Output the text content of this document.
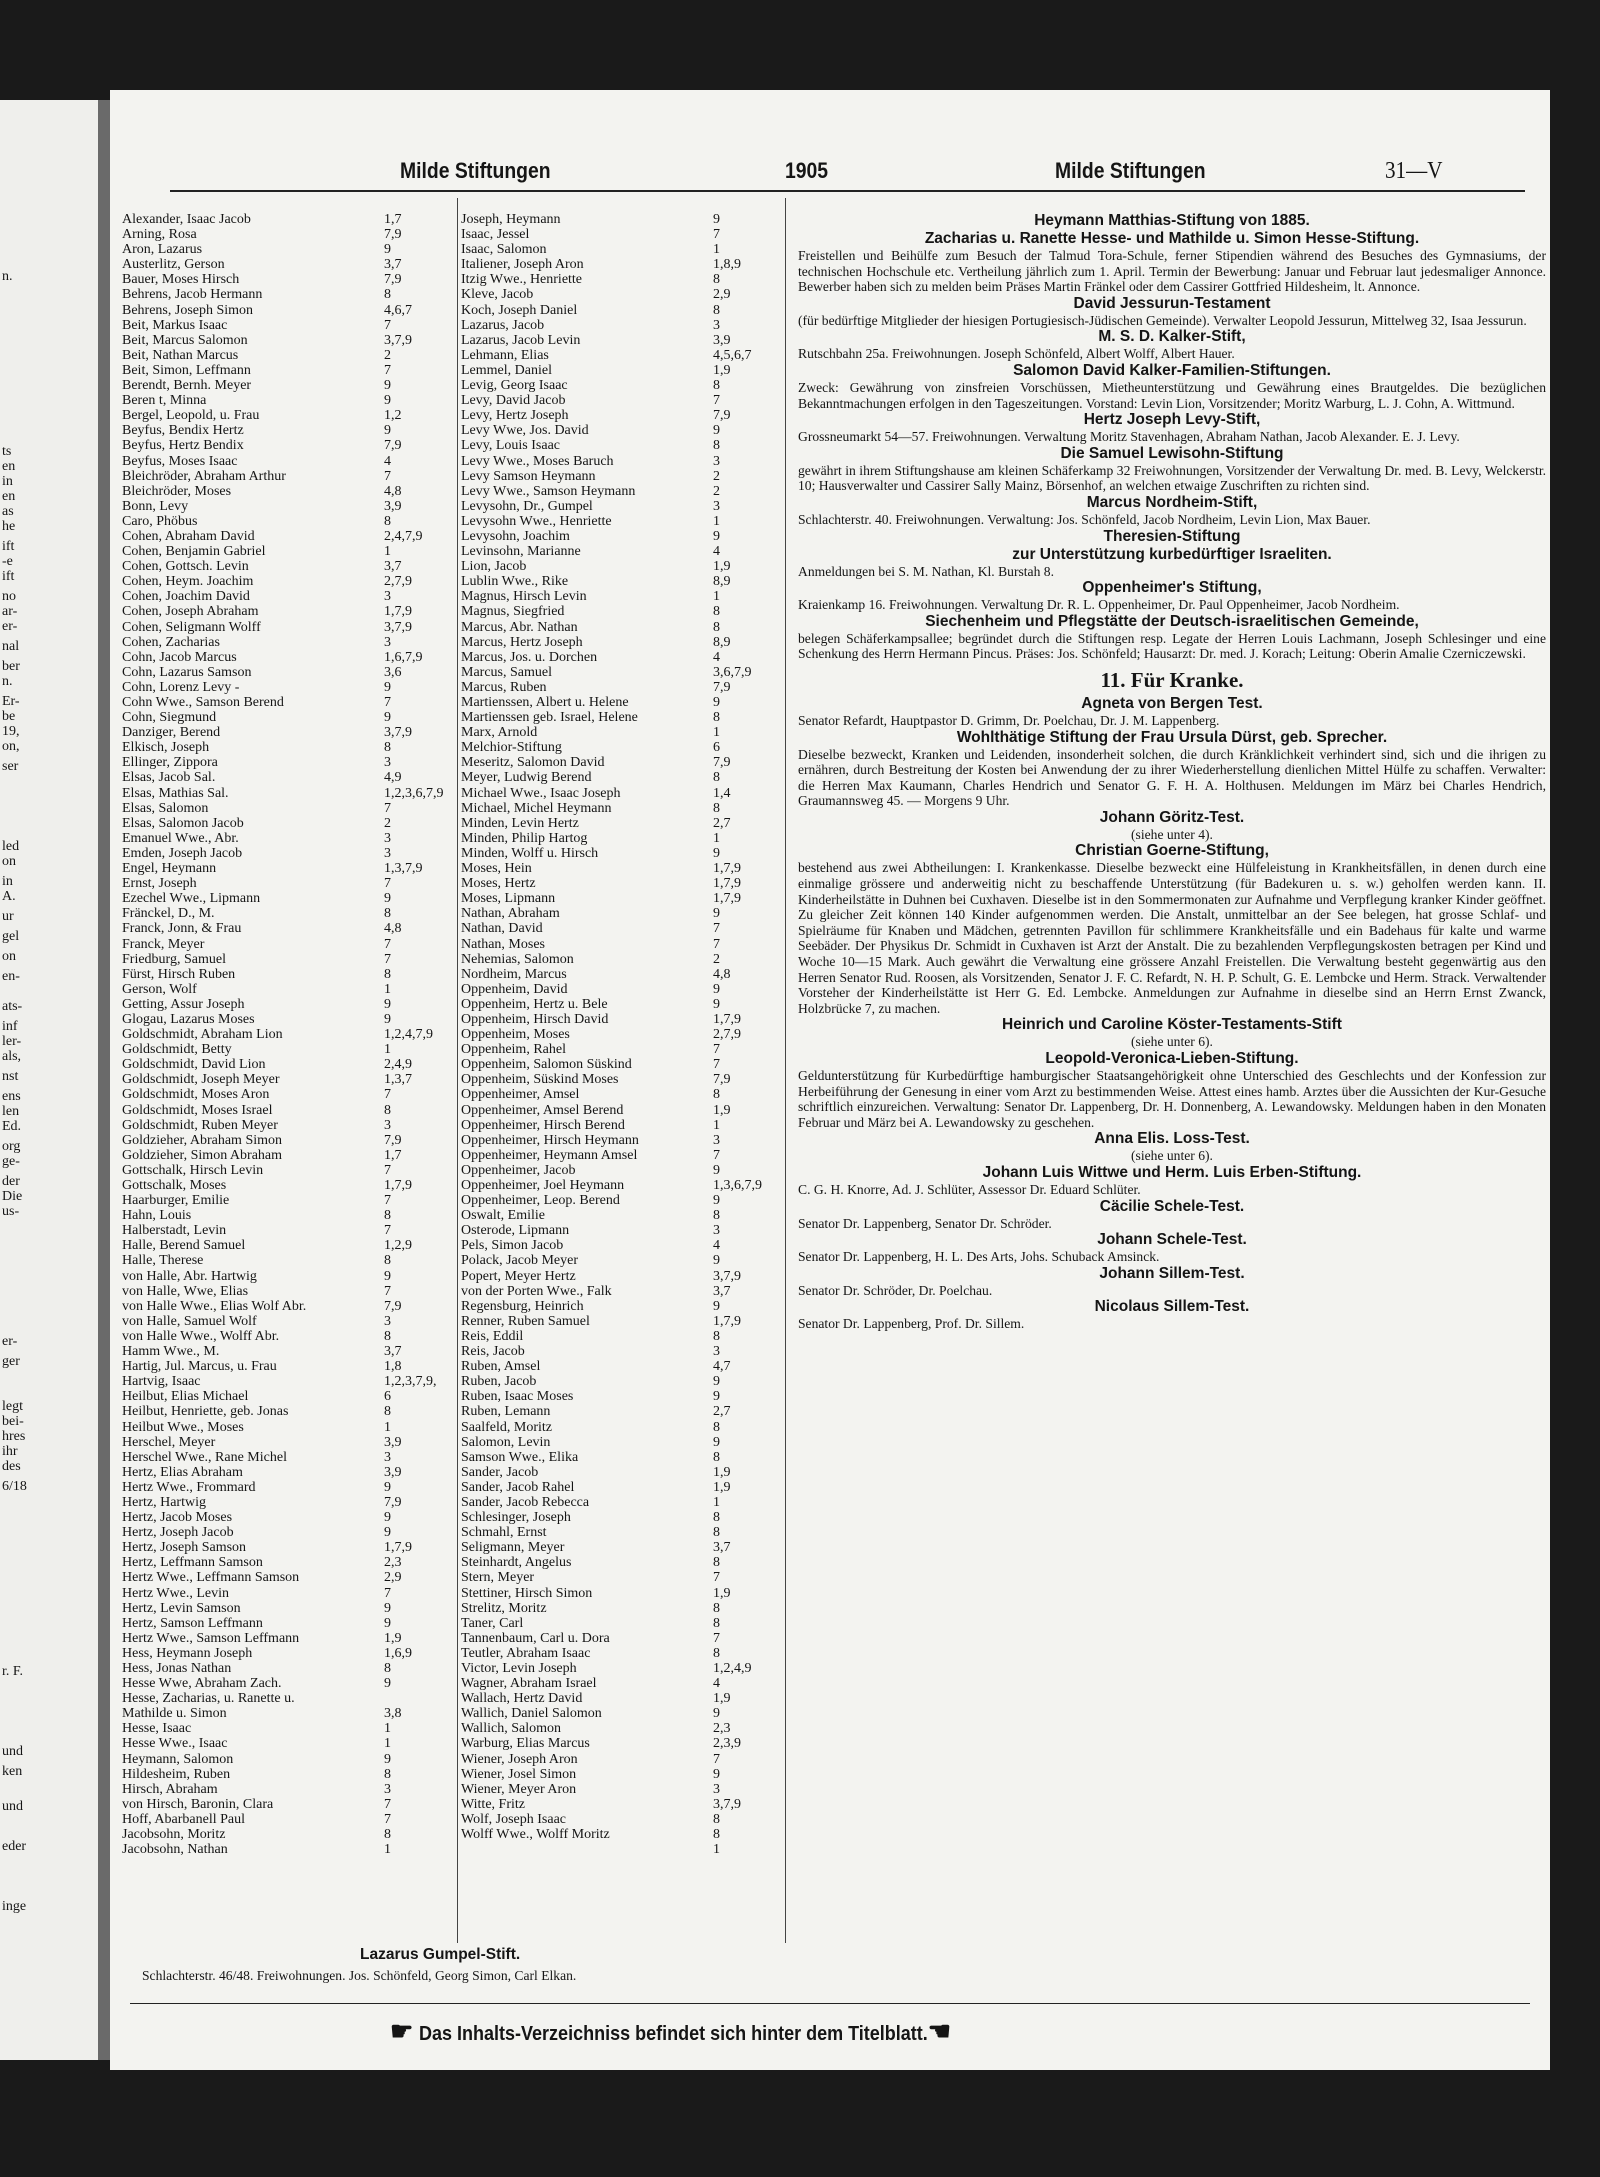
n.
ts
en
in
en
as
he
ift
-e
ift
no
ar-
er-
nal
ber
n.
Er-
be
19,
on,
ser
led
on
in
A.
ur
gel
on
en-
ats-
inf
ler-
als,
nst
ens
len
Ed.
org
ge-
der
Die
us-
er-
ger
legt
bei-
hres
ihr
des
6/18
r. F.
und
ken
und
eder
inge
Milde Stiftungen	1905	Milde Stiftungen	31—V
Alexander, Isaac Jacob	1,7
Arning, Rosa	7,9
Aron, Lazarus	9
Austerlitz, Gerson	3,7
Bauer, Moses Hirsch	7,9
Behrens, Jacob Hermann	8
Behrens, Joseph Simon	4,6,7
Beit, Markus Isaac	7
Beit, Marcus Salomon	3,7,9
Beit, Nathan Marcus	2
Beit, Simon, Leffmann	7
Berendt, Bernh. Meyer	9
Beren t, Minna	9
Bergel, Leopold, u. Frau	1,2
Beyfus, Bendix Hertz	9
Beyfus, Hertz Bendix	7,9
Beyfus, Moses Isaac	4
Bleichröder, Abraham Arthur	7
Bleichröder, Moses	4,8
Bonn, Levy	3,9
Caro, Phöbus	8
Cohen, Abraham David	2,4,7,9
Cohen, Benjamin Gabriel	1
Cohen, Gottsch. Levin	3,7
Cohen, Heym. Joachim	2,7,9
Cohen, Joachim David	3
Cohen, Joseph Abraham	1,7,9
Cohen, Seligmann Wolff	3,7,9
Cohen, Zacharias	3
Cohn, Jacob Marcus	1,6,7,9
Cohn, Lazarus Samson	3,6
Cohn, Lorenz Levy -	9
Cohn Wwe., Samson Berend	7
Cohn, Siegmund	9
Danziger, Berend	3,7,9
Elkisch, Joseph	8
Ellinger, Zippora	3
Elsas, Jacob Sal.	4,9
Elsas, Mathias Sal.	1,2,3,6,7,9
Elsas, Salomon	7
Elsas, Salomon Jacob	2
Emanuel Wwe., Abr.	3
Emden, Joseph Jacob	3
Engel, Heymann	1,3,7,9
Ernst, Joseph	7
Ezechel Wwe., Lipmann	9
Fränckel, D., M.	8
Franck, Jonn, & Frau	4,8
Franck, Meyer	7
Friedburg, Samuel	7
Fürst, Hirsch Ruben	8
Gerson, Wolf	1
Getting, Assur Joseph	9
Glogau, Lazarus Moses	9
Goldschmidt, Abraham Lion	1,2,4,7,9
Goldschmidt, Betty	1
Goldschmidt, David Lion	2,4,9
Goldschmidt, Joseph Meyer	1,3,7
Goldschmidt, Moses Aron	7
Goldschmidt, Moses Israel	8
Goldschmidt, Ruben Meyer	3
Goldzieher, Abraham Simon	7,9
Goldzieher, Simon Abraham	1,7
Gottschalk, Hirsch Levin	7
Gottschalk, Moses	1,7,9
Haarburger, Emilie	7
Hahn, Louis	8
Halberstadt, Levin	7
Halle, Berend Samuel	1,2,9
Halle, Therese	8
von Halle, Abr. Hartwig	9
von Halle, Wwe, Elias	7
von Halle Wwe., Elias Wolf Abr.	7,9
von Halle, Samuel Wolf	3
von Halle Wwe., Wolff Abr.	8
Hamm Wwe., M.	3,7
Hartig, Jul. Marcus, u. Frau	1,8
Hartvig, Isaac	1,2,3,7,9,
Heilbut, Elias Michael	6
Heilbut, Henriette, geb. Jonas	8
Heilbut Wwe., Moses	1
Herschel, Meyer	3,9
Herschel Wwe., Rane Michel	3
Hertz, Elias Abraham	3,9
Hertz Wwe., Frommard	9
Hertz, Hartwig	7,9
Hertz, Jacob Moses	9
Hertz, Joseph Jacob	9
Hertz, Joseph Samson	1,7,9
Hertz, Leffmann Samson	2,3
Hertz Wwe., Leffmann Samson	2,9
Hertz Wwe., Levin	7
Hertz, Levin Samson	9
Hertz, Samson Leffmann	9
Hertz Wwe., Samson Leffmann	1,9
Hess, Heymann Joseph	1,6,9
Hess, Jonas Nathan	8
Hesse Wwe, Abraham Zach.	9
Hesse, Zacharias, u. Ranette u.
Mathilde u. Simon	3,8
Hesse, Isaac	1
Hesse Wwe., Isaac	1
Heymann, Salomon	9
Hildesheim, Ruben	8
Hirsch, Abraham	3
von Hirsch, Baronin, Clara	7
Hoff, Abarbanell Paul	7
Jacobsohn, Moritz	8
Jacobsohn, Nathan	1
Joseph, Heymann	9
Isaac, Jessel	7
Isaac, Salomon	1
Italiener, Joseph Aron	1,8,9
Itzig Wwe., Henriette	8
Kleve, Jacob	2,9
Koch, Joseph Daniel	8
Lazarus, Jacob	3
Lazarus, Jacob Levin	3,9
Lehmann, Elias	4,5,6,7
Lemmel, Daniel	1,9
Levig, Georg Isaac	8
Levy, David Jacob	7
Levy, Hertz Joseph	7,9
Levy Wwe, Jos. David	9
Levy, Louis Isaac	8
Levy Wwe., Moses Baruch	3
Levy Samson Heymann	2
Levy Wwe., Samson Heymann	2
Levysohn, Dr., Gumpel	3
Levysohn Wwe., Henriette	1
Levysohn, Joachim	9
Levinsohn, Marianne	4
Lion, Jacob	1,9
Lublin Wwe., Rike	8,9
Magnus, Hirsch Levin	1
Magnus, Siegfried	8
Marcus, Abr. Nathan	8
Marcus, Hertz Joseph	8,9
Marcus, Jos. u. Dorchen	4
Marcus, Samuel	3,6,7,9
Marcus, Ruben	7,9
Martienssen, Albert u. Helene	9
Martienssen geb. Israel, Helene	8
Marx, Arnold	1
Melchior-Stiftung	6
Meseritz, Salomon David	7,9
Meyer, Ludwig Berend	8
Michael Wwe., Isaac Joseph	1,4
Michael, Michel Heymann	8
Minden, Levin Hertz	2,7
Minden, Philip Hartog	1
Minden, Wolff u. Hirsch	9
Moses, Hein	1,7,9
Moses, Hertz	1,7,9
Moses, Lipmann	1,7,9
Nathan, Abraham	9
Nathan, David	7
Nathan, Moses	7
Nehemias, Salomon	2
Nordheim, Marcus	4,8
Oppenheim, David	9
Oppenheim, Hertz u. Bele	9
Oppenheim, Hirsch David	1,7,9
Oppenheim, Moses	2,7,9
Oppenheim, Rahel	7
Oppenheim, Salomon Süskind	7
Oppenheim, Süskind Moses	7,9
Oppenheimer, Amsel	8
Oppenheimer, Amsel Berend	1,9
Oppenheimer, Hirsch Berend	1
Oppenheimer, Hirsch Heymann	3
Oppenheimer, Heymann Amsel	7
Oppenheimer, Jacob	9
Oppenheimer, Joel Heymann	1,3,6,7,9
Oppenheimer, Leop. Berend	9
Oswalt, Emilie	8
Osterode, Lipmann	3
Pels, Simon Jacob	4
Polack, Jacob Meyer	9
Popert, Meyer Hertz	3,7,9
von der Porten Wwe., Falk	3,7
Regensburg, Heinrich	9
Renner, Ruben Samuel	1,7,9
Reis, Eddil	8
Reis, Jacob	3
Ruben, Amsel	4,7
Ruben, Jacob	9
Ruben, Isaac Moses	9
Ruben, Lemann	2,7
Saalfeld, Moritz	8
Salomon, Levin	9
Samson Wwe., Elika	8
Sander, Jacob	1,9
Sander, Jacob Rahel	1,9
Sander, Jacob Rebecca	1
Schlesinger, Joseph	8
Schmahl, Ernst	8
Seligmann, Meyer	3,7
Steinhardt, Angelus	8
Stern, Meyer	7
Stettiner, Hirsch Simon	1,9
Strelitz, Moritz	8
Taner, Carl	8
Tannenbaum, Carl u. Dora	7
Teutler, Abraham Isaac	8
Victor, Levin Joseph	1,2,4,9
Wagner, Abraham Israel	4
Wallach, Hertz David	1,9
Wallich, Daniel Salomon	9
Wallich, Salomon	2,3
Warburg, Elias Marcus	2,3,9
Wiener, Joseph Aron	7
Wiener, Josel Simon	9
Wiener, Meyer Aron	3
Witte, Fritz	3,7,9
Wolf, Joseph Isaac	8
Wolff Wwe., Wolff Moritz	8
1
Heymann Matthias-Stiftung von 1885.
Zacharias u. Ranette Hesse- und Mathilde u. Simon Hesse-Stiftung.
Freistellen und Beihülfe zum Besuch der Talmud Tora-Schule, ferner Stipendien während des Besuches des Gymnasiums, der technischen Hochschule etc. Vertheilung jährlich zum 1. April. Termin der Bewerbung: Januar und Februar laut jedesmaliger Annonce. Bewerber haben sich zu melden beim Präses Martin Fränkel oder dem Cassirer Gottfried Hildesheim, lt. Annonce.
David Jessurun-Testament
(für bedürftige Mitglieder der hiesigen Portugiesisch-Jüdischen Gemeinde). Verwalter Leopold Jessurun, Mittelweg 32, Isaa Jessurun.
M. S. D. Kalker-Stift,
Rutschbahn 25a. Freiwohnungen. Joseph Schönfeld, Albert Wolff, Albert Hauer.
Salomon David Kalker-Familien-Stiftungen.
Zweck: Gewährung von zinsfreien Vorschüssen, Mietheunterstützung und Gewährung eines Brautgeldes. Die bezüglichen Bekanntmachungen erfolgen in den Tageszeitungen. Vorstand: Levin Lion, Vorsitzender; Moritz Warburg, L. J. Cohn, A. Wittmund.
Hertz Joseph Levy-Stift,
Grossneumarkt 54—57. Freiwohnungen. Verwaltung Moritz Stavenhagen, Abraham Nathan, Jacob Alexander. E. J. Levy.
Die Samuel Lewisohn-Stiftung
gewährt in ihrem Stiftungshause am kleinen Schäferkamp 32 Freiwohnungen, Vorsitzender der Verwaltung Dr. med. B. Levy, Welckerstr. 10; Hausverwalter und Cassirer Sally Mainz, Börsenhof, an welchen etwaige Zuschriften zu richten sind.
Marcus Nordheim-Stift,
Schlachterstr. 40. Freiwohnungen. Verwaltung: Jos. Schönfeld, Jacob Nordheim, Levin Lion, Max Bauer.
Theresien-Stiftung
zur Unterstützung kurbedürftiger Israeliten.
Anmeldungen bei S. M. Nathan, Kl. Burstah 8.
Oppenheimer's Stiftung,
Kraienkamp 16. Freiwohnungen. Verwaltung Dr. R. L. Oppenheimer, Dr. Paul Oppenheimer, Jacob Nordheim.
Siechenheim und Pflegstätte der Deutsch-israelitischen Gemeinde,
belegen Schäferkampsallee; begründet durch die Stiftungen resp. Legate der Herren Louis Lachmann, Joseph Schlesinger und eine Schenkung des Herrn Hermann Pincus. Präses: Jos. Schönfeld; Hausarzt: Dr. med. J. Korach; Leitung: Oberin Amalie Czerniczewski.
11. Für Kranke.
Agneta von Bergen Test.
Senator Refardt, Hauptpastor D. Grimm, Dr. Poelchau, Dr. J. M. Lappenberg.
Wohlthätige Stiftung der Frau Ursula Dürst, geb. Sprecher.
Dieselbe bezweckt, Kranken und Leidenden, insonderheit solchen, die durch Kränklichkeit verhindert sind, sich und die ihrigen zu ernähren, durch Bestreitung der Kosten bei Anwendung der zu ihrer Wiederherstellung dienlichen Mittel Hülfe zu schaffen. Verwalter: die Herren Max Kaumann, Charles Hendrich und Senator G. F. H. A. Holthusen. Meldungen im März bei Charles Hendrich, Graumannsweg 45. — Morgens 9 Uhr.
Johann Göritz-Test.
(siehe unter 4).
Christian Goerne-Stiftung,
bestehend aus zwei Abtheilungen: I. Krankenkasse. Dieselbe bezweckt eine Hülfeleistung in Krankheitsfällen, in denen durch eine einmalige grössere und anderweitig nicht zu beschaffende Unterstützung (für Badekuren u. s. w.) geholfen werden kann. II. Kinderheilstätte in Duhnen bei Cuxhaven. Dieselbe ist in den Sommermonaten zur Aufnahme und Verpflegung kranker Kinder geöffnet. Zu gleicher Zeit können 140 Kinder aufgenommen werden. Die Anstalt, unmittelbar an der See belegen, hat grosse Schlaf- und Spielräume für Knaben und Mädchen, getrennten Pavillon für schlimmere Krankheitsfälle und ein Badehaus für kalte und warme Seebäder. Der Physikus Dr. Schmidt in Cuxhaven ist Arzt der Anstalt. Die zu bezahlenden Verpflegungskosten betragen per Kind und Woche 10—15 Mark. Auch gewährt die Verwaltung eine grössere Anzahl Freistellen. Die Verwaltung besteht gegenwärtig aus den Herren Senator Rud. Roosen, als Vorsitzenden, Senator J. F. C. Refardt, N. H. P. Schult, G. E. Lembcke und Herm. Strack. Verwaltender Vorsteher der Kinderheilstätte ist Herr G. Ed. Lembcke. Anmeldungen zur Aufnahme in dieselbe sind an Herrn Ernst Zwanck, Holzbrücke 7, zu machen.
Heinrich und Caroline Köster-Testaments-Stift
(siehe unter 6).
Leopold-Veronica-Lieben-Stiftung.
Geldunterstützung für Kurbedürftige hamburgischer Staatsangehörigkeit ohne Unterschied des Geschlechts und der Konfession zur Herbeiführung der Genesung in einer vom Arzt zu bestimmenden Weise. Attest eines hamb. Arztes über die Aussichten der Kur-Gesuche schriftlich einzureichen. Verwaltung: Senator Dr. Lappenberg, Dr. H. Donnenberg, A. Lewandowsky. Meldungen haben in den Monaten Februar und März bei A. Lewandowsky zu geschehen.
Anna Elis. Loss-Test.
(siehe unter 6).
Johann Luis Wittwe und Herm. Luis Erben-Stiftung.
C. G. H. Knorre, Ad. J. Schlüter, Assessor Dr. Eduard Schlüter.
Cäcilie Schele-Test.
Senator Dr. Lappenberg, Senator Dr. Schröder.
Johann Schele-Test.
Senator Dr. Lappenberg, H. L. Des Arts, Johs. Schuback Amsinck.
Johann Sillem-Test.
Senator Dr. Schröder, Dr. Poelchau.
Nicolaus Sillem-Test.
Senator Dr. Lappenberg, Prof. Dr. Sillem.
Lazarus Gumpel-Stift.
Schlachterstr. 46/48. Freiwohnungen. Jos. Schönfeld, Georg Simon, Carl Elkan.
☛ Das Inhalts-Verzeichniss befindet sich hinter dem Titelblatt. ☚
